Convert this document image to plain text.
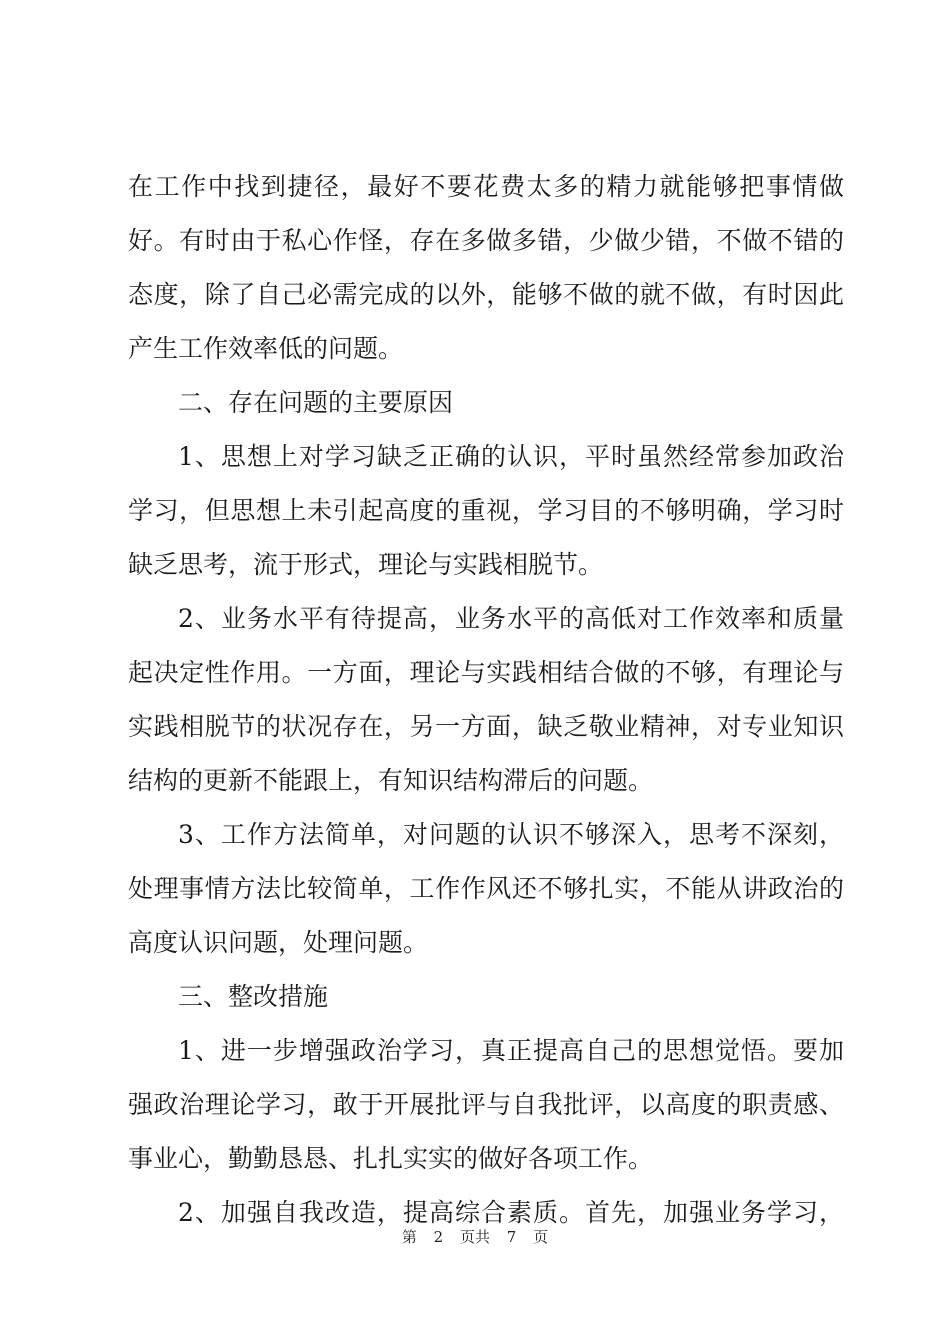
在工作中找到捷径，最好不要花费太多的精力就能够把事情做
好。有时由于私心作怪，存在多做多错，少做少错，不做不错的
态度，除了自己必需完成的以外，能够不做的就不做，有时因此
产生工作效率低的问题。
二、存在问题的主要原因
1、思想上对学习缺乏正确的认识，平时虽然经常参加政治
学习，但思想上未引起高度的重视，学习目的不够明确，学习时
缺乏思考，流于形式，理论与实践相脱节。
2、业务水平有待提高，业务水平的高低对工作效率和质量
起决定性作用。一方面，理论与实践相结合做的不够，有理论与
实践相脱节的状况存在，另一方面，缺乏敬业精神，对专业知识
结构的更新不能跟上，有知识结构滞后的问题。
3、工作方法简单，对问题的认识不够深入，思考不深刻，
处理事情方法比较简单，工作作风还不够扎实，不能从讲政治的
高度认识问题，处理问题。
三、整改措施
1、进一步增强政治学习，真正提高自己的思想觉悟。要加
强政治理论学习，敢于开展批评与自我批评，以高度的职责感、
事业心，勤勤恳恳、扎扎实实的做好各项工作。
2、加强自我改造，提高综合素质。首先，加强业务学习，
第 2 页共 7 页
